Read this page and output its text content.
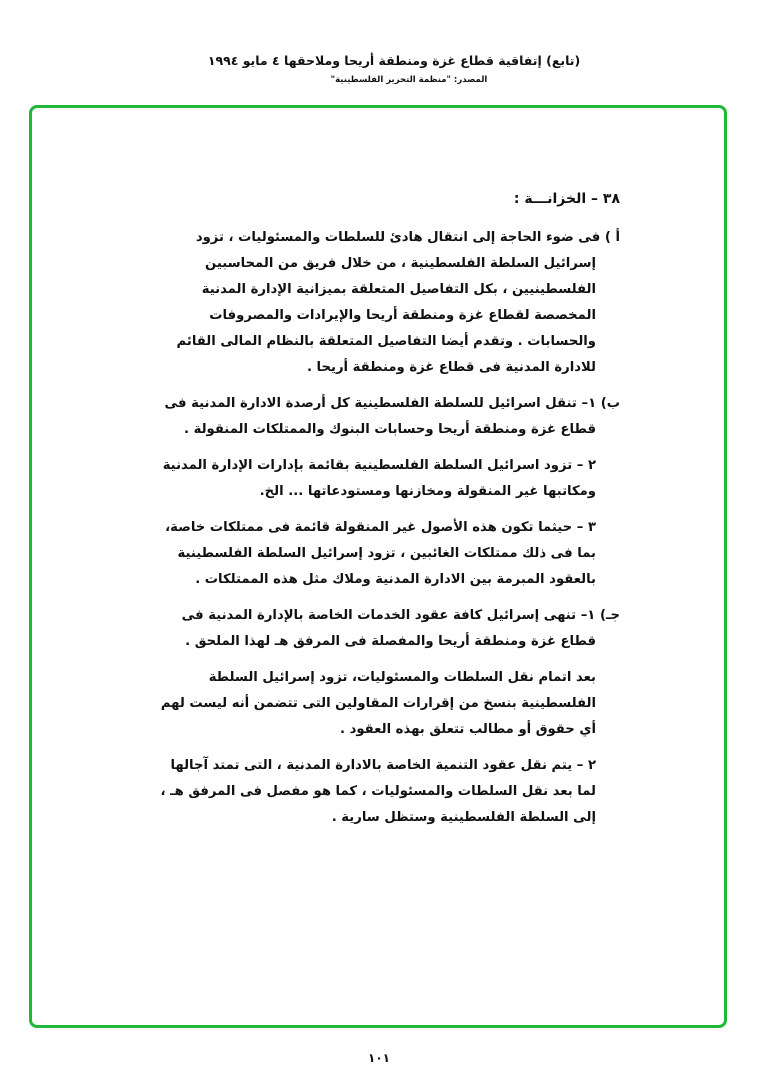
(تابع) إتفاقية قطاع غزة ومنطقة أريحا وملاحقها ٤ مايو ١٩٩٤

المصدر: "منظمة التحرير الفلسطينية"

٣٨ – الخزانـــة :

أ ) فى ضوء الحاجة إلى انتقال هادئ للسلطات والمسئوليات ، تزود
إسرائيل السلطة الفلسطينية ، من خلال فريق من المحاسبين
الفلسطينيين ، بكل التفاصيل المتعلقة بميزانية الإدارة المدنية
المخصصة لقطاع غزة ومنطقة أريحا والإيرادات والمصروفات
والحسابات . وتقدم أيضا التفاصيل المتعلقة بالنظام المالى القائم
للادارة المدنية فى قطاع غزة ومنطقة أريحا .
ب) ١– تنقل اسرائيل للسلطة الفلسطينية كل أرصدة الادارة المدنية فى
قطاع غزة ومنطقة أريحا وحسابات البنوك والممتلكات المنقولة .
٢ – تزود اسرائيل السلطة الفلسطينية بقائمة بإدارات الإدارة المدنية
ومكاتبها غير المنقولة ومخازنها ومستودعاتها ... الخ.
٣ – حيثما تكون هذه الأصول غير المنقولة قائمة فى ممتلكات خاصة،
بما فى ذلك ممتلكات الغائبين ، تزود إسرائيل السلطة الفلسطينية
بالعقود المبرمة بين الادارة المدنية وملاك مثل هذه الممتلكات .
جـ) ١– تنهى إسرائيل كافة عقود الخدمات الخاصة بالإدارة المدنية فى
قطاع غزة ومنطقة أريحا والمفصلة فى المرفق هـ لهذا الملحق .
بعد اتمام نقل السلطات والمسئوليات، تزود إسرائيل السلطة
الفلسطينية بنسخ من إقرارات المقاولين التى تتضمن أنه ليست لهم
أي حقوق أو مطالب تتعلق بهذه العقود .
٢ – يتم نقل عقود التنمية الخاصة بالادارة المدنية ، التى تمتد آجالها
لما بعد نقل السلطات والمسئوليات ، كما هو مفصل فى المرفق هـ ،
إلى السلطة الفلسطينية وستظل سارية .
١٠١
